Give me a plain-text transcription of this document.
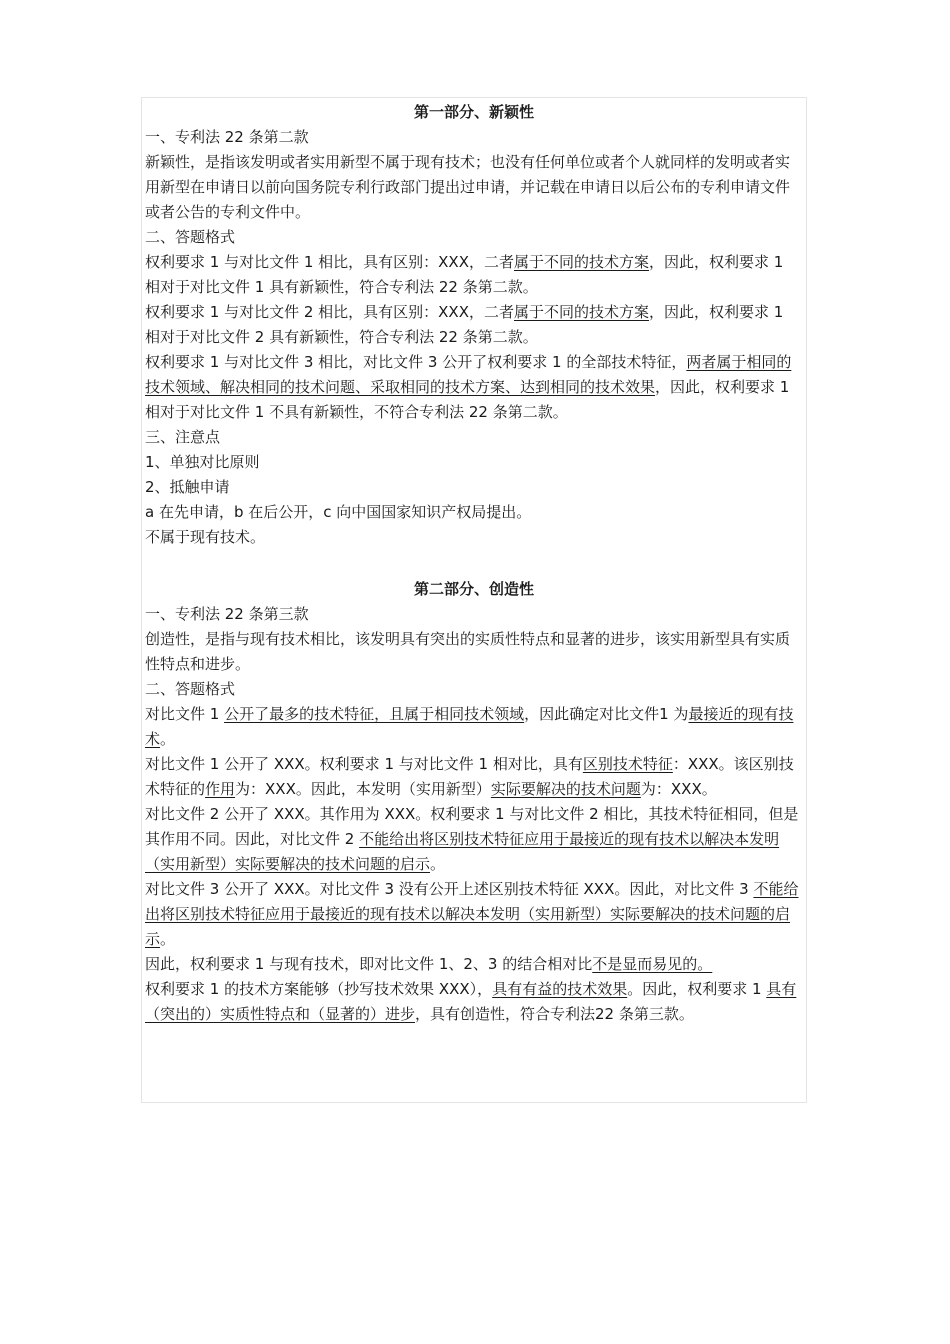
第一部分、新颖性

一、专利法 22 条第二款

新颖性，是指该发明或者实用新型不属于现有技术；也没有任何单位或者个人就同样的发明或者实用新型在申请日以前向国务院专利行政部门提出过申请，并记载在申请日以后公布的专利申请文件或者公告的专利文件中。

二、答题格式

权利要求 1 与对比文件 1 相比，具有区别：XXX，二者属于不同的技术方案，因此，权利要求 1 相对于对比文件 1 具有新颖性，符合专利法 22 条第二款。

权利要求 1 与对比文件 2 相比，具有区别：XXX，二者属于不同的技术方案，因此，权利要求 1 相对于对比文件 2 具有新颖性，符合专利法 22 条第二款。

权利要求 1 与对比文件 3 相比，对比文件 3 公开了权利要求 1 的全部技术特征，两者属于相同的技术领域、解决相同的技术问题、采取相同的技术方案、达到相同的技术效果，因此，权利要求 1 相对于对比文件 1 不具有新颖性，不符合专利法 22 条第二款。

三、注意点

1、单独对比原则

2、抵触申请

a 在先申请，b 在后公开，c 向中国国家知识产权局提出。

不属于现有技术。

第二部分、创造性

一、专利法 22 条第三款

创造性，是指与现有技术相比，该发明具有突出的实质性特点和显著的进步，该实用新型具有实质性特点和进步。

二、答题格式

对比文件 1 公开了最多的技术特征，且属于相同技术领域，因此确定对比文件1 为最接近的现有技术。

对比文件 1 公开了 XXX。权利要求 1 与对比文件 1 相对比，具有区别技术特征：XXX。该区别技术特征的作用为：XXX。因此，本发明（实用新型）实际要解决的技术问题为：XXX。

对比文件 2 公开了 XXX。其作用为 XXX。权利要求 1 与对比文件 2 相比，其技术特征相同，但是其作用不同。因此，对比文件 2 不能给出将区别技术特征应用于最接近的现有技术以解决本发明（实用新型）实际要解决的技术问题的启示。

对比文件 3 公开了 XXX。对比文件 3 没有公开上述区别技术特征 XXX。因此，对比文件 3 不能给出将区别技术特征应用于最接近的现有技术以解决本发明（实用新型）实际要解决的技术问题的启示。

因此，权利要求 1 与现有技术，即对比文件 1、2、3 的结合相对比不是显而易见的。

权利要求 1 的技术方案能够（抄写技术效果 XXX），具有有益的技术效果。因此，权利要求 1 具有（突出的）实质性特点和（显著的）进步，具有创造性，符合专利法22 条第三款。
